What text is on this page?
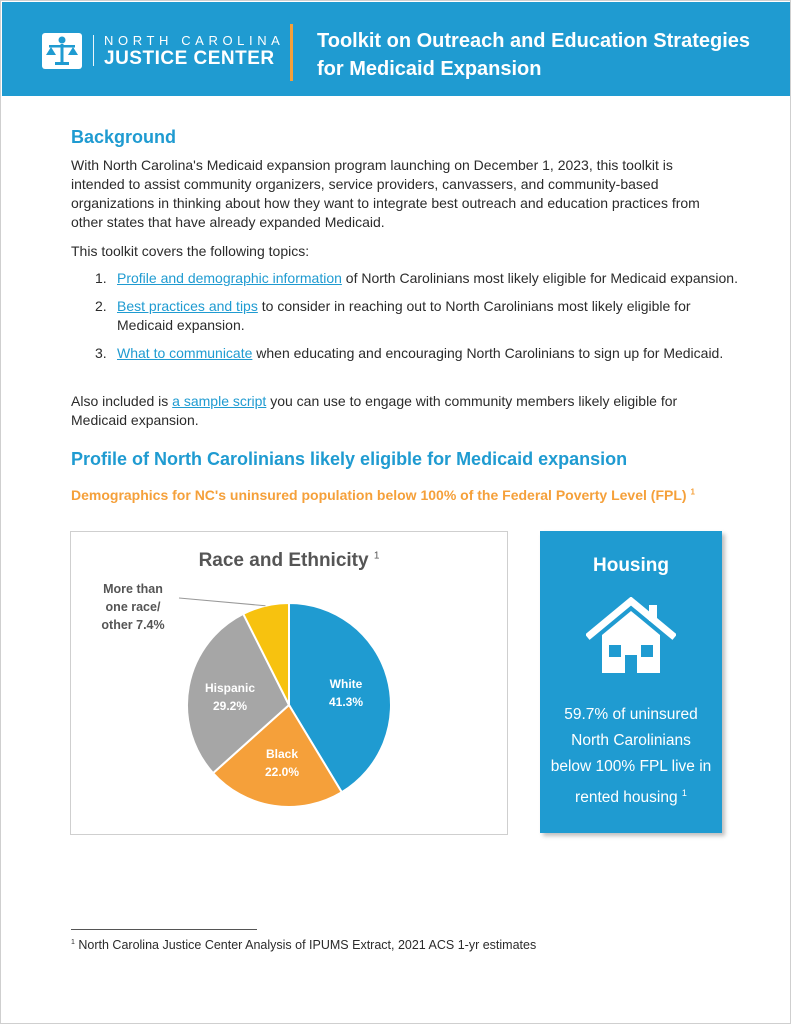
NORTH CAROLINA
JUSTICE CENTER
Toolkit on Outreach and Education Strategies for Medicaid Expansion
Background
With North Carolina's Medicaid expansion program launching on December 1, 2023, this toolkit is intended to assist community organizers, service providers, canvassers, and community-based organizations in thinking about how they want to integrate best outreach and education practices from other states that have already expanded Medicaid.
This toolkit covers the following topics:
1. Profile and demographic information of North Carolinians most likely eligible for Medicaid expansion.
2. Best practices and tips to consider in reaching out to North Carolinians most likely eligible for Medicaid expansion.
3. What to communicate when educating and encouraging North Carolinians to sign up for Medicaid.
Also included is a sample script you can use to engage with community members likely eligible for Medicaid expansion.
Profile of North Carolinians likely eligible for Medicaid expansion
Demographics for NC's uninsured population below 100% of the Federal Poverty Level (FPL) $^1$
Race and Ethnicity $^1$
White
41.3%
Black
22.0%
Hispanic
29.2%
More than
one race/
other 7.4%
Housing
59.7% of uninsured North Carolinians below 100% FPL live in rented housing $^1$
$^1$ North Carolina Justice Center Analysis of IPUMS Extract, 2021 ACS 1-yr estimates
